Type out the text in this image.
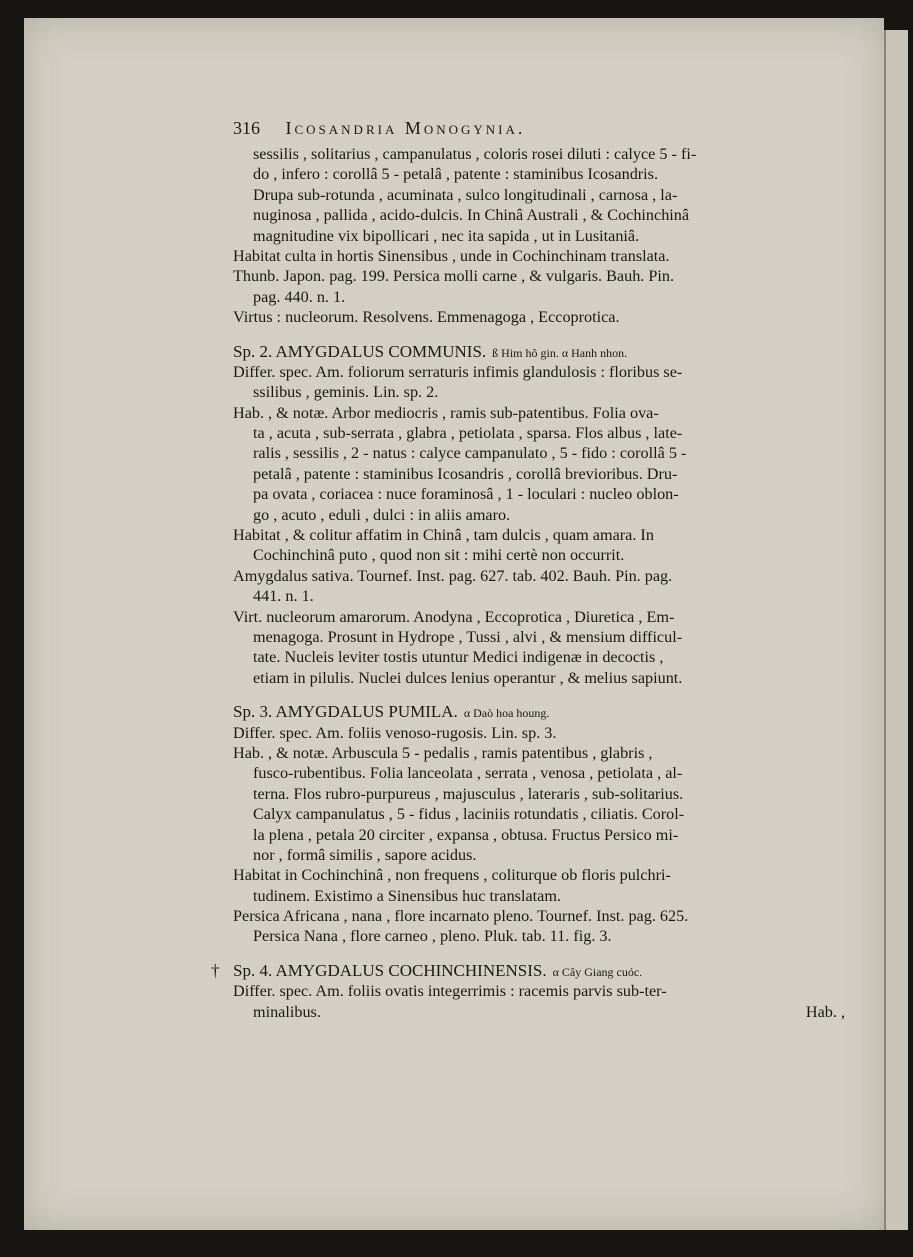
316 Icosandria Monogynia.
sessilis , solitarius , campanulatus , coloris rosei diluti : calyce 5 - fi-
do , infero : corollâ 5 - petalâ , patente : staminibus Icosandris.
Drupa sub-rotunda , acuminata , sulco longitudinali , carnosa , la-
nuginosa , pallida , acido-dulcis. In Chinâ Australi , & Cochinchinâ
magnitudine vix bipollicari , nec ita sapida , ut in Lusitaniâ.
Habitat culta in hortis Sinensibus , unde in Cochinchinam translata.
Thunb. Japon. pag. 199. Persica molli carne , & vulgaris. Bauh. Pin.
pag. 440. n. 1.
Virtus : nucleorum. Resolvens. Emmenagoga , Eccoprotica.
Sp. 2. AMYGDALUS COMMUNIS. ß Him hô gin. α Hanh nhon.
Differ. spec. Am. foliorum serraturis infimis glandulosis : floribus se-
ssilibus , geminis. Lin. sp. 2.
Hab. , & notæ. Arbor mediocris , ramis sub-patentibus. Folia ova-
ta , acuta , sub-serrata , glabra , petiolata , sparsa. Flos albus , late-
ralis , sessilis , 2 - natus : calyce campanulato , 5 - fido : corollâ 5 -
petalâ , patente : staminibus Icosandris , corollâ brevioribus. Dru-
pa ovata , coriacea : nuce foraminosâ , 1 - loculari : nucleo oblon-
go , acuto , eduli , dulci : in aliis amaro.
Habitat , & colitur affatim in Chinâ , tam dulcis , quam amara. In
Cochinchinâ puto , quod non sit : mihi certè non occurrit.
Amygdalus sativa. Tournef. Inst. pag. 627. tab. 402. Bauh. Pin. pag.
441. n. 1.
Virt. nucleorum amarorum. Anodyna , Eccoprotica , Diuretica , Em-
menagoga. Prosunt in Hydrope , Tussi , alvi , & mensium difficul-
tate. Nucleis leviter tostis utuntur Medici indigenæ in decoctis ,
etiam in pilulis. Nuclei dulces lenius operantur , & melius sapiunt.
Sp. 3. AMYGDALUS PUMILA. α Daò hoa houng.
Differ. spec. Am. foliis venoso-rugosis. Lin. sp. 3.
Hab. , & notæ. Arbuscula 5 - pedalis , ramis patentibus , glabris ,
fusco-rubentibus. Folia lanceolata , serrata , venosa , petiolata , al-
terna. Flos rubro-purpureus , majusculus , lateraris , sub-solitarius.
Calyx campanulatus , 5 - fidus , laciniis rotundatis , ciliatis. Corol-
la plena , petala 20 circiter , expansa , obtusa. Fructus Persico mi-
nor , formâ similis , sapore acidus.
Habitat in Cochinchinâ , non frequens , coliturque ob floris pulchri-
tudinem. Existimo a Sinensibus huc translatam.
Persica Africana , nana , flore incarnato pleno. Tournef. Inst. pag. 625.
Persica Nana , flore carneo , pleno. Pluk. tab. 11. fig. 3.
† Sp. 4. AMYGDALUS COCHINCHINENSIS. α Cây Giang cuóc.
Differ. spec. Am. foliis ovatis integerrimis : racemis parvis sub-ter-
minalibus.	Hab. ,
